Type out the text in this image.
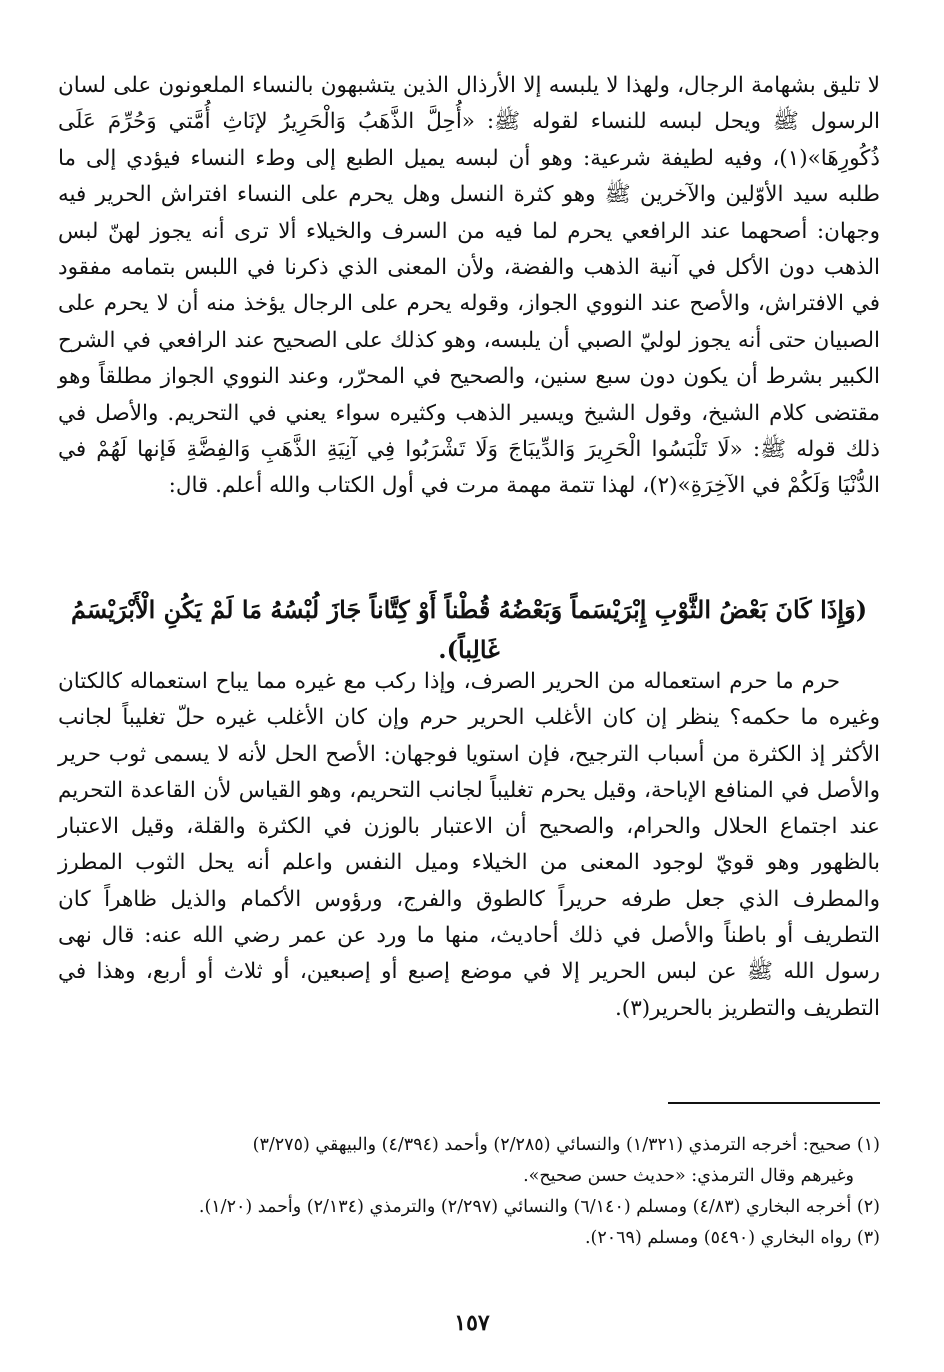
لا تليق بشهامة الرجال، ولهذا لا يلبسه إلا الأرذال الذين يتشبهون بالنساء الملعونون على لسان الرسول ﷺ ويحل لبسه للنساء لقوله ﷺ: «أُحِلَّ الذَّهَبُ وَالْحَرِيرُ لإنَاثِ أُمَّتي وَحُرِّمَ عَلَى ذُكُورِهَا»(١)، وفيه لطيفة شرعية: وهو أن لبسه يميل الطبع إلى وطء النساء فيؤدي إلى ما طلبه سيد الأوّلين والآخرين ﷺ وهو كثرة النسل وهل يحرم على النساء افتراش الحرير فيه وجهان: أصحهما عند الرافعي يحرم لما فيه من السرف والخيلاء ألا ترى أنه يجوز لهنّ لبس الذهب دون الأكل في آنية الذهب والفضة، ولأن المعنى الذي ذكرنا في اللبس بتمامه مفقود في الافتراش، والأصح عند النووي الجواز، وقوله يحرم على الرجال يؤخذ منه أن لا يحرم على الصبيان حتى أنه يجوز لوليّ الصبي أن يلبسه، وهو كذلك على الصحيح عند الرافعي في الشرح الكبير بشرط أن يكون دون سبع سنين، والصحيح في المحرّر، وعند النووي الجواز مطلقاً وهو مقتضى كلام الشيخ، وقول الشيخ ويسير الذهب وكثيره سواء يعني في التحريم. والأصل في ذلك قوله ﷺ: «لَا تَلْبَسُوا الْحَرِيرَ وَالدِّيبَاجَ وَلَا تَشْرَبُوا فِي آنِيَةِ الذَّهَبِ وَالفِضَّةِ فَإنها لَهُمْ في الدُّنْيَا وَلَكُمْ في الآخِرَةِ»(٢)، لهذا تتمة مهمة مرت في أول الكتاب والله أعلم. قال:

(وَإِذَا كَانَ بَعْضُ الثَّوْبِ إِبْرَيْسَماً وَبَعْضُهُ قُطْناً أَوْ كِتَّاناً جَازَ لُبْسُهُ مَا لَمْ يَكُنِ الْأَبْرَيْسَمُ غَالِباً).

حرم ما حرم استعماله من الحرير الصرف، وإذا ركب مع غيره مما يباح استعماله كالكتان وغيره ما حكمه؟ ينظر إن كان الأغلب الحرير حرم وإن كان الأغلب غيره حلّ تغليباً لجانب الأكثر إذ الكثرة من أسباب الترجيح، فإن استويا فوجهان: الأصح الحل لأنه لا يسمى ثوب حرير والأصل في المنافع الإباحة، وقيل يحرم تغليباً لجانب التحريم، وهو القياس لأن القاعدة التحريم عند اجتماع الحلال والحرام، والصحيح أن الاعتبار بالوزن في الكثرة والقلة، وقيل الاعتبار بالظهور وهو قويّ لوجود المعنى من الخيلاء وميل النفس واعلم أنه يحل الثوب المطرز والمطرف الذي جعل طرفه حريراً كالطوق والفرج، ورؤوس الأكمام والذيل ظاهراً كان التطريف أو باطناً والأصل في ذلك أحاديث، منها ما ورد عن عمر رضي الله عنه: قال نهى رسول الله ﷺ عن لبس الحرير إلا في موضع إصبع أو إصبعين، أو ثلاث أو أربع، وهذا في التطريف والتطريز بالحرير(٣).

(١) صحيح: أخرجه الترمذي (١/٣٢١) والنسائي (٢/٢٨٥) وأحمد (٤/٣٩٤) والبيهقي (٣/٢٧٥)
وغيرهم وقال الترمذي: «حديث حسن صحيح».
(٢) أخرجه البخاري (٤/٨٣) ومسلم (٦/١٤٠) والنسائي (٢/٢٩٧) والترمذي (٢/١٣٤) وأحمد (١/٢٠).
(٣) رواه البخاري (٥٤٩٠) ومسلم (٢٠٦٩).
١٥٧
